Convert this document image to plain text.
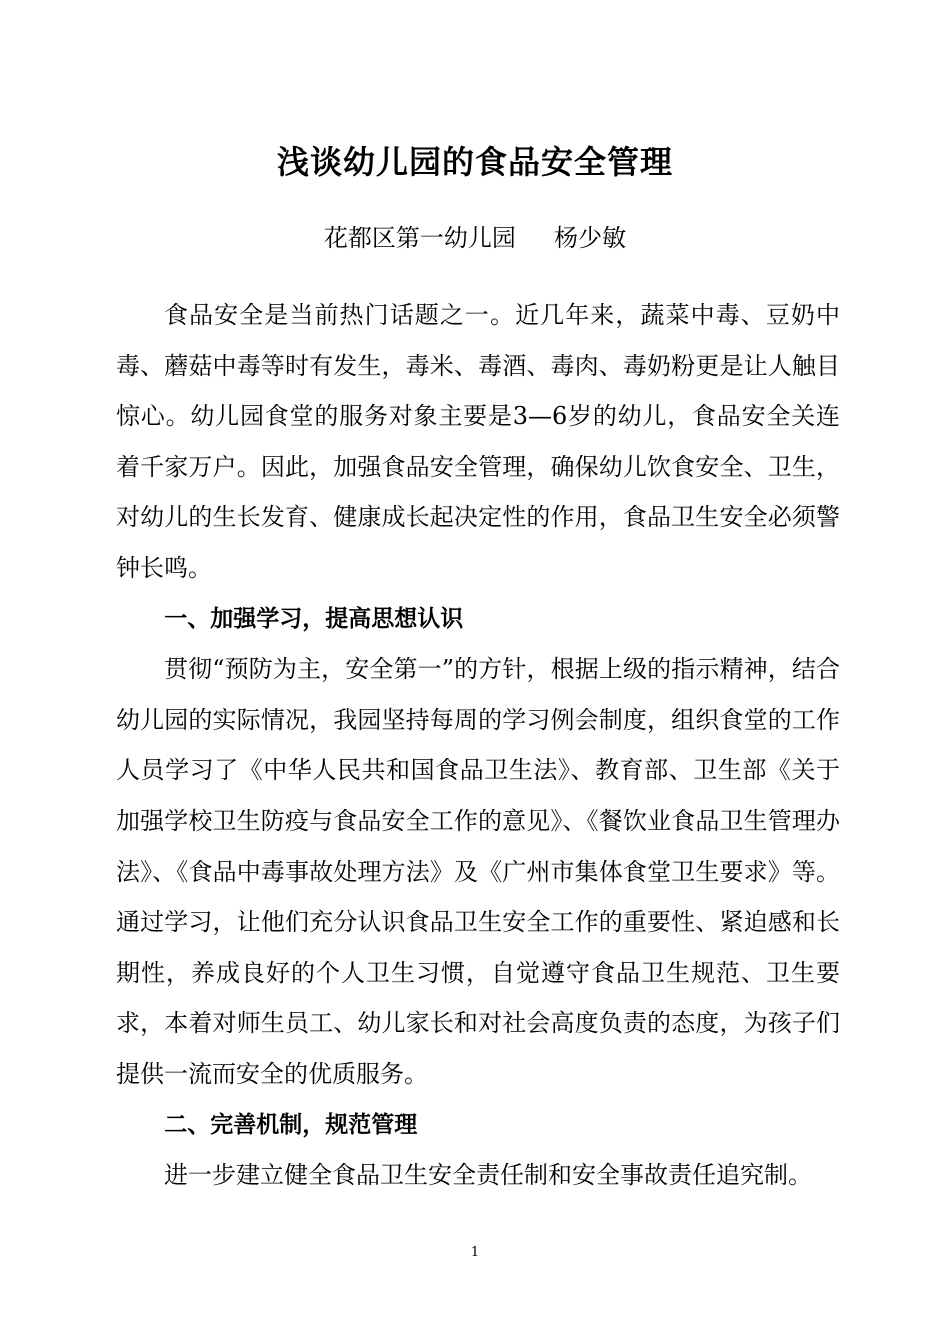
浅谈幼儿园的食品安全管理

花都区第一幼儿园     杨少敏

食品安全是当前热门话题之一。近几年来，蔬菜中毒、豆奶中毒、蘑菇中毒等时有发生，毒米、毒酒、毒肉、毒奶粉更是让人触目惊心。幼儿园食堂的服务对象主要是3—6岁的幼儿，食品安全关连着千家万户。因此，加强食品安全管理，确保幼儿饮食安全、卫生，对幼儿的生长发育、健康成长起决定性的作用，食品卫生安全必须警钟长鸣。

一、加强学习，提高思想认识

贯彻“预防为主，安全第一”的方针，根据上级的指示精神，结合幼儿园的实际情况，我园坚持每周的学习例会制度，组织食堂的工作人员学习了《中华人民共和国食品卫生法》、教育部、卫生部《关于加强学校卫生防疫与食品安全工作的意见》、《餐饮业食品卫生管理办法》、《食品中毒事故处理方法》及《广州市集体食堂卫生要求》等。通过学习，让他们充分认识食品卫生安全工作的重要性、紧迫感和长期性，养成良好的个人卫生习惯，自觉遵守食品卫生规范、卫生要求，本着对师生员工、幼儿家长和对社会高度负责的态度，为孩子们提供一流而安全的优质服务。

二、完善机制，规范管理

进一步建立健全食品卫生安全责任制和安全事故责任追究制。

1
